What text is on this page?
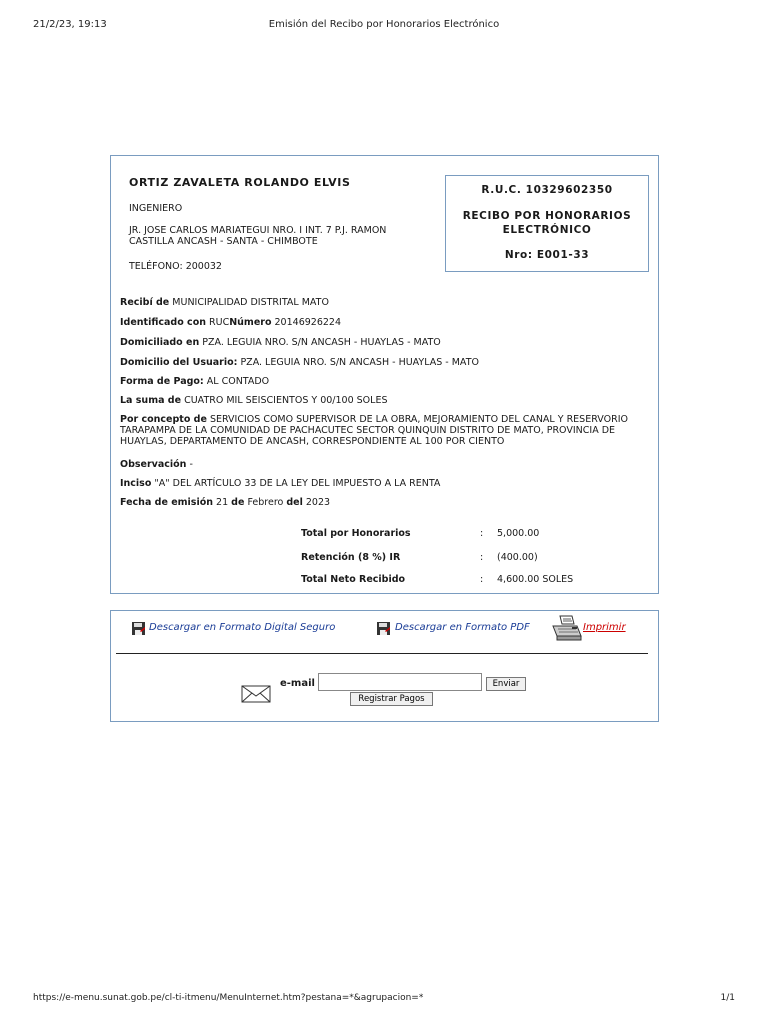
21/2/23, 19:13	Emisión del Recibo por Honorarios Electrónico
ORTIZ ZAVALETA ROLANDO ELVIS
INGENIERO
JR. JOSE CARLOS MARIATEGUI NRO. I INT. 7 P.J. RAMON CASTILLA ANCASH - SANTA - CHIMBOTE
TELÉFONO: 200032
R.U.C. 10329602350
RECIBO POR HONORARIOS ELECTRÓNICO
Nro: E001-33
Recibí de MUNICIPALIDAD DISTRITAL MATO
Identificado con RUCNúmero 20146926224
Domiciliado en PZA. LEGUIA NRO. S/N ANCASH - HUAYLAS - MATO
Domicilio del Usuario: PZA. LEGUIA NRO. S/N ANCASH - HUAYLAS - MATO
Forma de Pago: AL CONTADO
La suma de CUATRO MIL SEISCIENTOS Y 00/100 SOLES
Por concepto de SERVICIOS COMO SUPERVISOR DE LA OBRA, MEJORAMIENTO DEL CANAL Y RESERVORIO TARAPAMPA DE LA COMUNIDAD DE PACHACUTEC SECTOR QUINQUIN DISTRITO DE MATO, PROVINCIA DE HUAYLAS, DEPARTAMENTO DE ANCASH, CORRESPONDIENTE AL 100 POR CIENTO
Observación -
Inciso "A" DEL ARTÍCULO 33 DE LA LEY DEL IMPUESTO A LA RENTA
Fecha de emisión 21 de Febrero del 2023
Total por Honorarios	: 5,000.00
Retención (8 %) IR	: (400.00)
Total Neto Recibido	: 4,600.00 SOLES
Descargar en Formato Digital Seguro	Descargar en Formato PDF	Imprimir
e-mail	Enviar
Registrar Pagos
https://e-menu.sunat.gob.pe/cl-ti-itmenu/MenuInternet.htm?pestana=*&agrupacion=*	1/1
